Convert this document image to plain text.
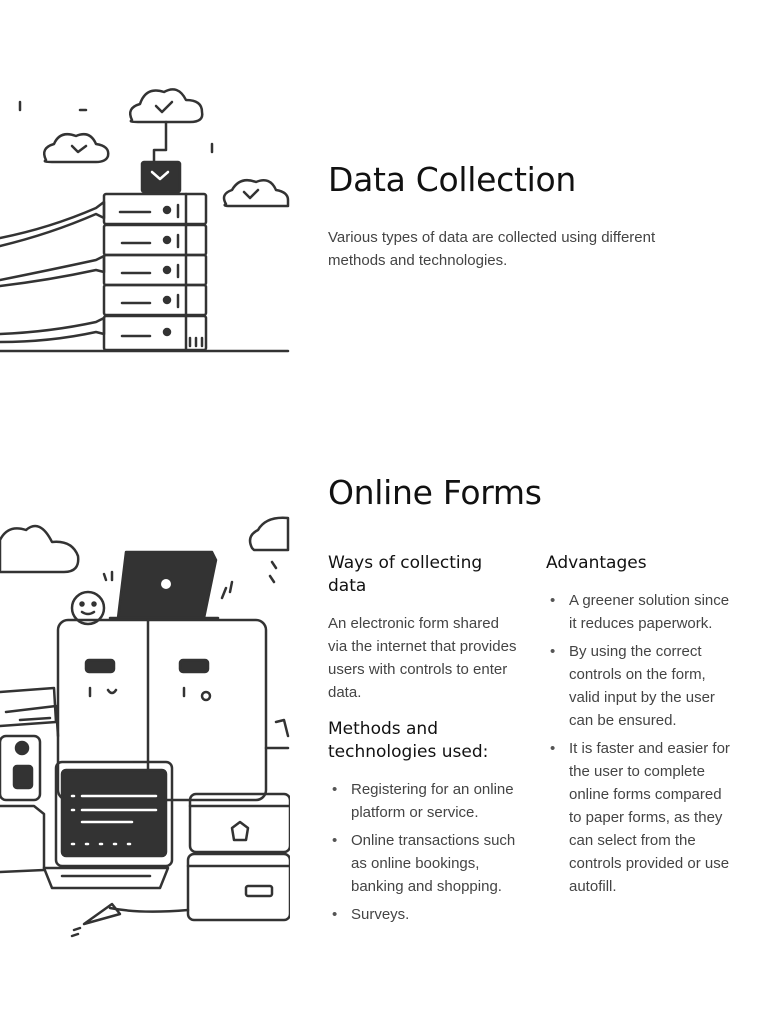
Data Collection

Various types of data are collected using different methods and technologies.

Online Forms
Ways of collecting data

An electronic form shared via the internet that provides users with controls to enter data.

Methods and technologies used:
• Registering for an online platform or service.
• Online transactions such as online bookings, banking and shopping.
• Surveys.
Advantages
• A greener solution since it reduces paperwork.
• By using the correct controls on the form, valid input by the user can be ensured.
• It is faster and easier for the user to complete online forms compared to paper forms, as they can select from the controls provided or use autofill.
